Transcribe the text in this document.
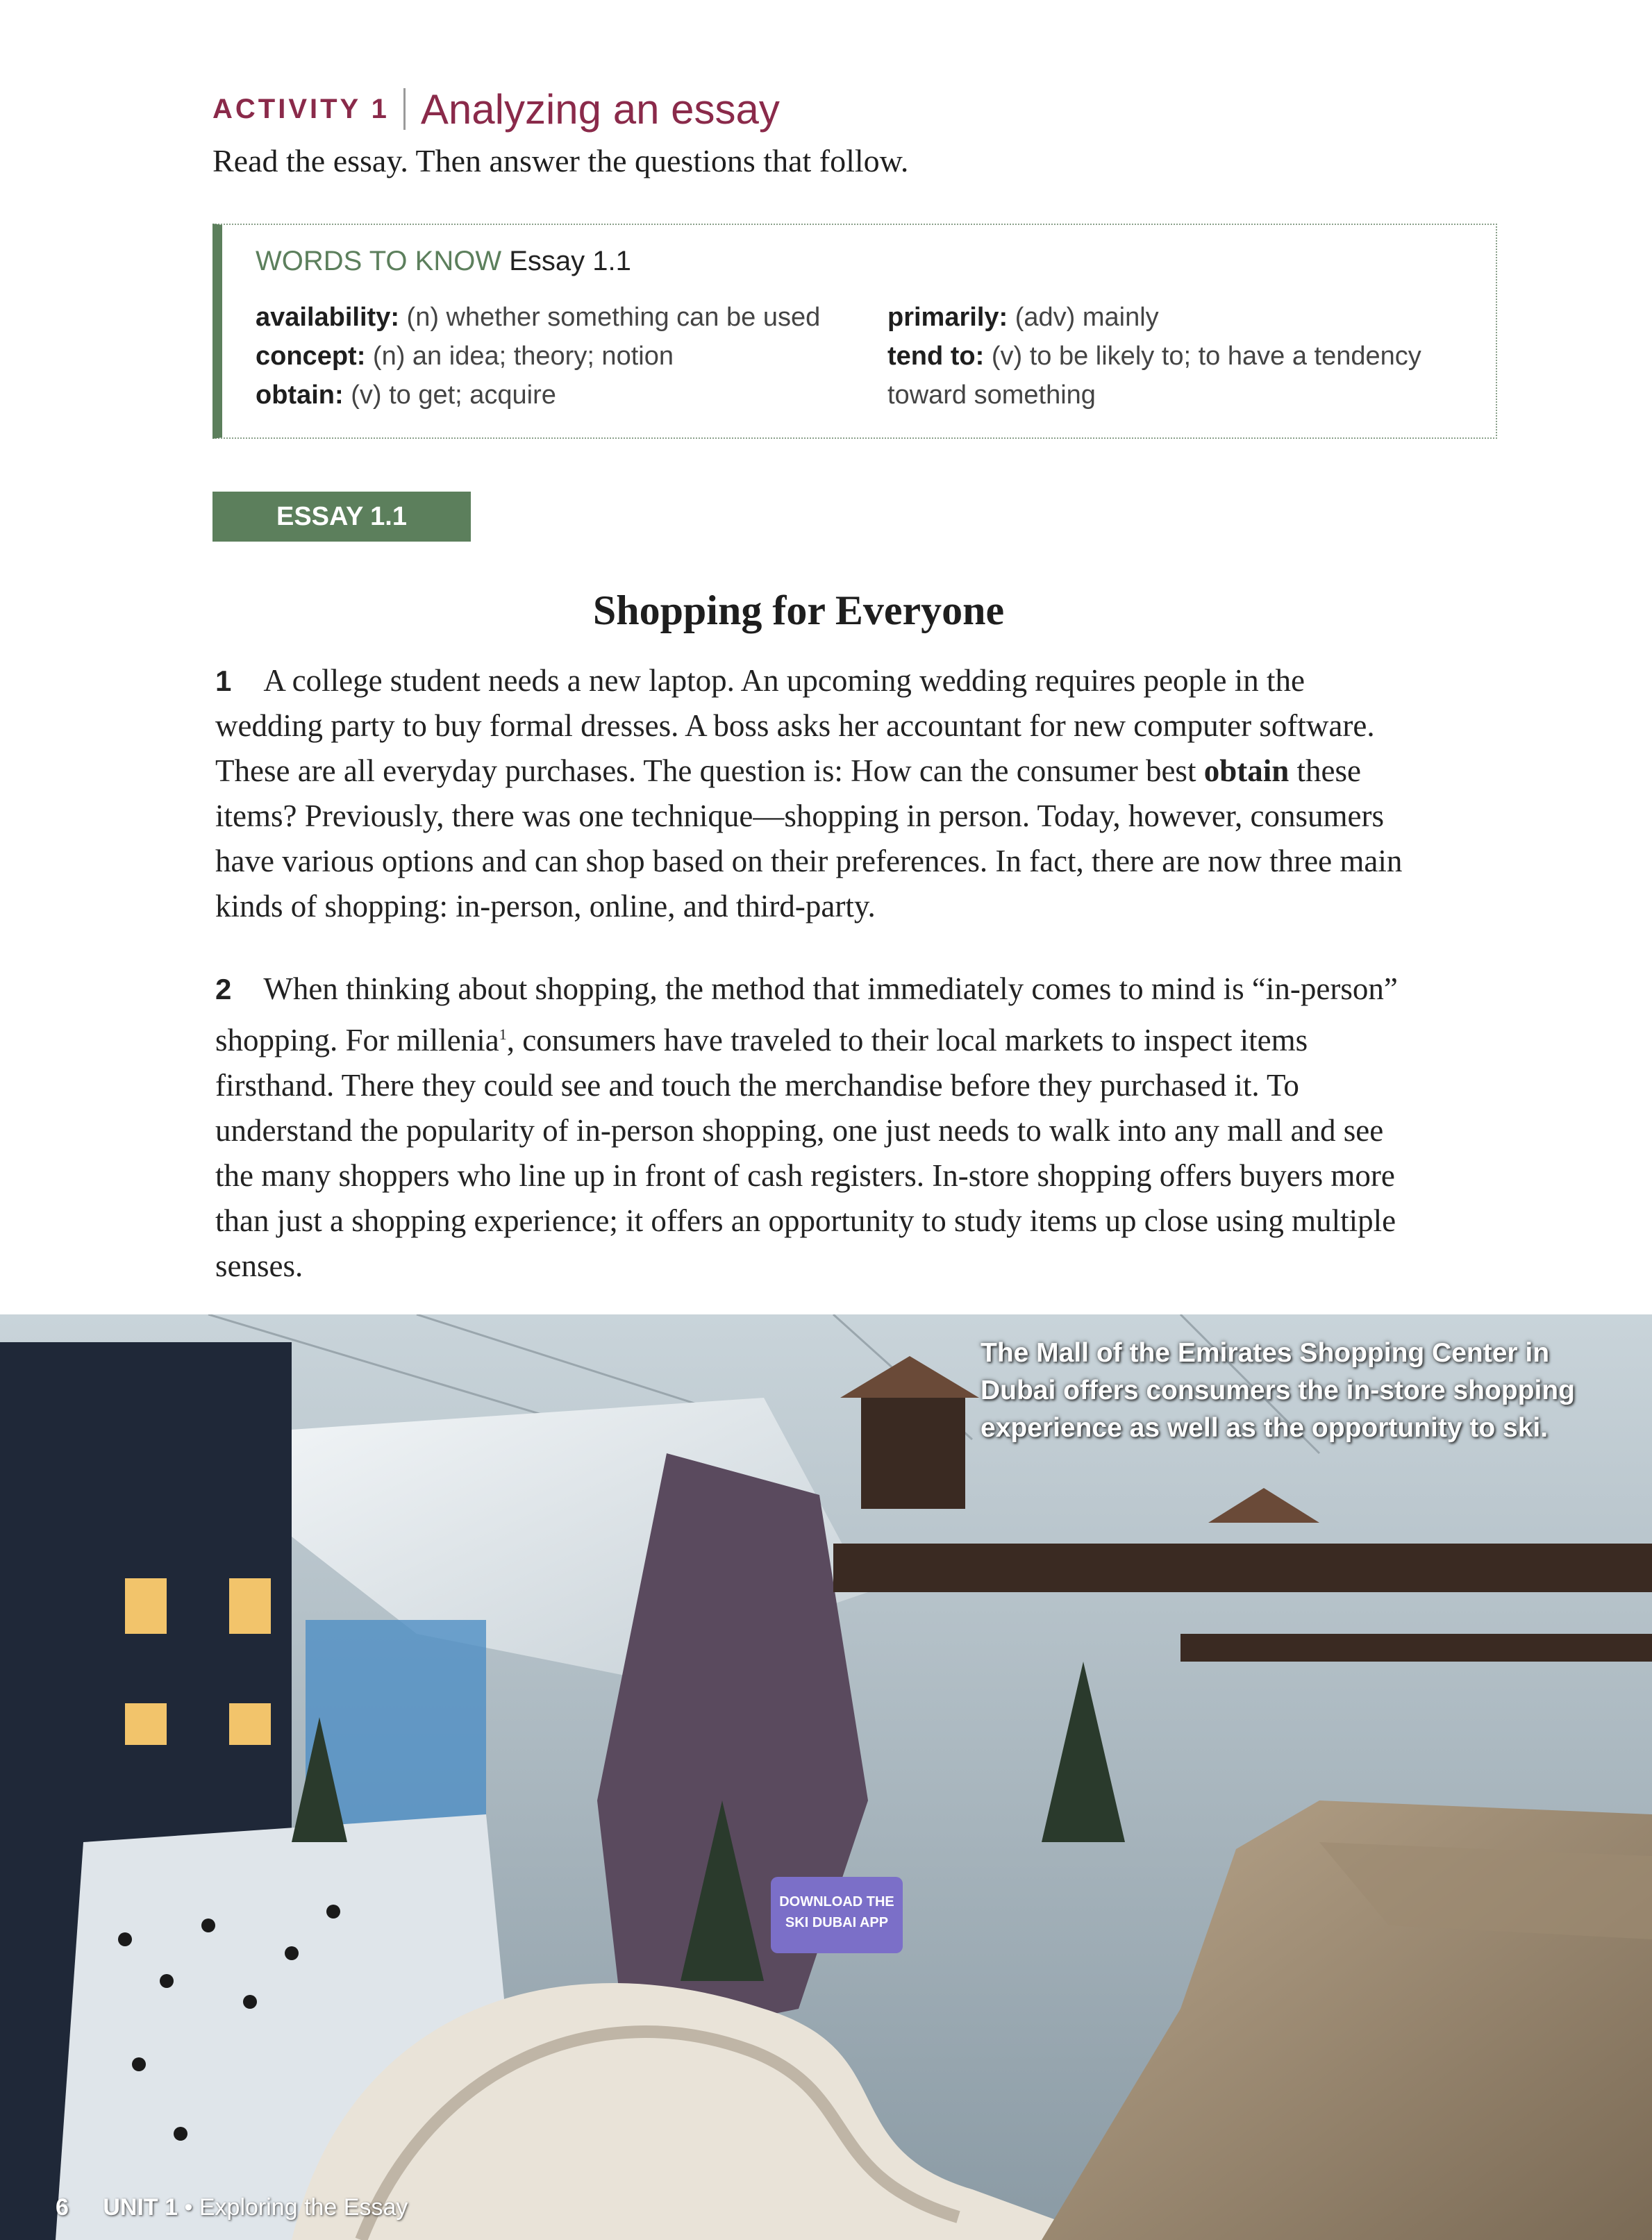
ACTIVITY 1 Analyzing an essay
Read the essay. Then answer the questions that follow.
WORDS TO KNOW Essay 1.1
availability: (n) whether something can be used
concept: (n) an idea; theory; notion
obtain: (v) to get; acquire
primarily: (adv) mainly
tend to: (v) to be likely to; to have a tendency toward something
ESSAY 1.1
Shopping for Everyone
1 A college student needs a new laptop. An upcoming wedding requires people in the wedding party to buy formal dresses. A boss asks her accountant for new computer software. These are all everyday purchases. The question is: How can the consumer best obtain these items? Previously, there was one technique—shopping in person. Today, however, consumers have various options and can shop based on their preferences. In fact, there are now three main kinds of shopping: in-person, online, and third-party.
2 When thinking about shopping, the method that immediately comes to mind is “in-person” shopping. For millenia$^1$, consumers have traveled to their local markets to inspect items firsthand. There they could see and touch the merchandise before they purchased it. To understand the popularity of in-person shopping, one just needs to walk into any mall and see the many shoppers who line up in front of cash registers. In-store shopping offers buyers more than just a shopping experience; it offers an opportunity to study items up close using multiple senses.
DOWNLOAD THE
SKI DUBAI APP
The Mall of the Emirates Shopping Center in Dubai offers consumers the in-store shopping experience as well as the opportunity to ski.
6 UNIT 1 • Exploring the Essay
